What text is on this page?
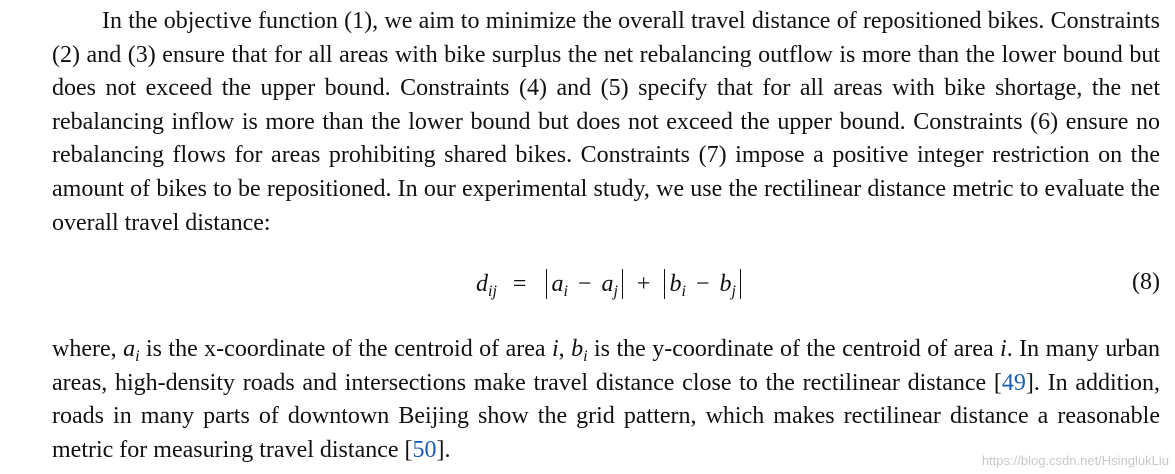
In the objective function (1), we aim to minimize the overall travel distance of repositioned bikes. Constraints (2) and (3) ensure that for all areas with bike surplus the net rebalancing outflow is more than the lower bound but does not exceed the upper bound. Constraints (4) and (5) specify that for all areas with bike shortage, the net rebalancing inflow is more than the lower bound but does not exceed the upper bound. Constraints (6) ensure no rebalancing flows for areas prohibiting shared bikes. Constraints (7) impose a positive integer restriction on the amount of bikes to be repositioned. In our experimental study, we use the rectilinear distance metric to evaluate the overall travel distance:

$d_{ij} = a_i - a_j + b_i - b_j$	(8)

where, $a_i$ is the x-coordinate of the centroid of area i, $b_i$ is the y-coordinate of the centroid of area i. In many urban areas, high-density roads and intersections make travel distance close to the rectilinear distance [49]. In addition, roads in many parts of downtown Beijing show the grid pattern, which makes rectilinear distance a reasonable metric for measuring travel distance [50].	https://blog.csdn.net/HsinglukLiu
